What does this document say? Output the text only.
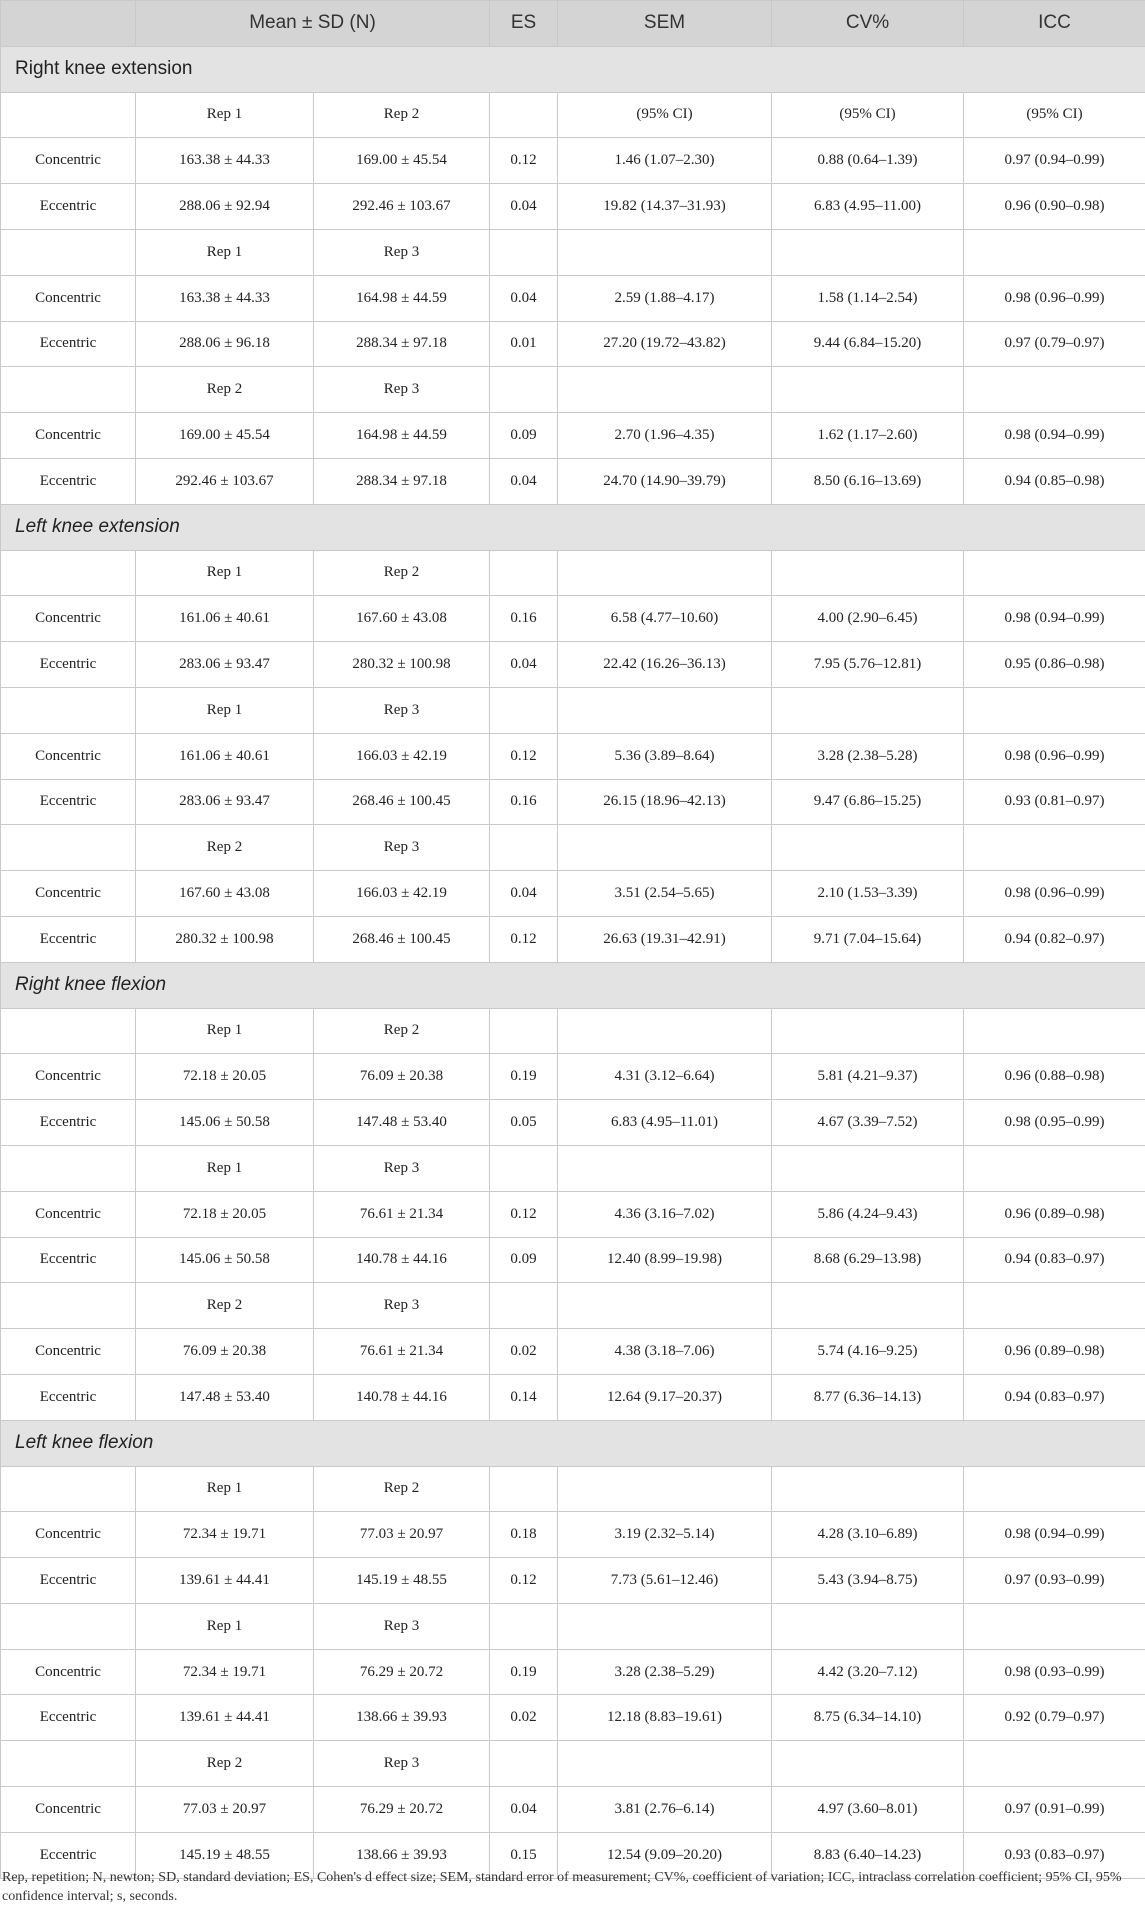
	Mean ± SD (N)		ES	SEM	CV%	ICC
Right knee extension						
	Rep 1	Rep 2		(95% CI)	(95% CI)	(95% CI)
Concentric	163.38 ± 44.33	169.00 ± 45.54	0.12	1.46 (1.07–2.30)	0.88 (0.64–1.39)	0.97 (0.94–0.99)
Eccentric	288.06 ± 92.94	292.46 ± 103.67	0.04	19.82 (14.37–31.93)	6.83 (4.95–11.00)	0.96 (0.90–0.98)
	Rep 1	Rep 3				
Concentric	163.38 ± 44.33	164.98 ± 44.59	0.04	2.59 (1.88–4.17)	1.58 (1.14–2.54)	0.98 (0.96–0.99)
Eccentric	288.06 ± 96.18	288.34 ± 97.18	0.01	27.20 (19.72–43.82)	9.44 (6.84–15.20)	0.97 (0.79–0.97)
	Rep 2	Rep 3				
Concentric	169.00 ± 45.54	164.98 ± 44.59	0.09	2.70 (1.96–4.35)	1.62 (1.17–2.60)	0.98 (0.94–0.99)
Eccentric	292.46 ± 103.67	288.34 ± 97.18	0.04	24.70 (14.90–39.79)	8.50 (6.16–13.69)	0.94 (0.85–0.98)
Left knee extension						
	Rep 1	Rep 2				
Concentric	161.06 ± 40.61	167.60 ± 43.08	0.16	6.58 (4.77–10.60)	4.00 (2.90–6.45)	0.98 (0.94–0.99)
Eccentric	283.06 ± 93.47	280.32 ± 100.98	0.04	22.42 (16.26–36.13)	7.95 (5.76–12.81)	0.95 (0.86–0.98)
	Rep 1	Rep 3				
Concentric	161.06 ± 40.61	166.03 ± 42.19	0.12	5.36 (3.89–8.64)	3.28 (2.38–5.28)	0.98 (0.96–0.99)
Eccentric	283.06 ± 93.47	268.46 ± 100.45	0.16	26.15 (18.96–42.13)	9.47 (6.86–15.25)	0.93 (0.81–0.97)
	Rep 2	Rep 3				
Concentric	167.60 ± 43.08	166.03 ± 42.19	0.04	3.51 (2.54–5.65)	2.10 (1.53–3.39)	0.98 (0.96–0.99)
Eccentric	280.32 ± 100.98	268.46 ± 100.45	0.12	26.63 (19.31–42.91)	9.71 (7.04–15.64)	0.94 (0.82–0.97)
Right knee flexion						
	Rep 1	Rep 2				
Concentric	72.18 ± 20.05	76.09 ± 20.38	0.19	4.31 (3.12–6.64)	5.81 (4.21–9.37)	0.96 (0.88–0.98)
Eccentric	145.06 ± 50.58	147.48 ± 53.40	0.05	6.83 (4.95–11.01)	4.67 (3.39–7.52)	0.98 (0.95–0.99)
	Rep 1	Rep 3				
Concentric	72.18 ± 20.05	76.61 ± 21.34	0.12	4.36 (3.16–7.02)	5.86 (4.24–9.43)	0.96 (0.89–0.98)
Eccentric	145.06 ± 50.58	140.78 ± 44.16	0.09	12.40 (8.99–19.98)	8.68 (6.29–13.98)	0.94 (0.83–0.97)
	Rep 2	Rep 3				
Concentric	76.09 ± 20.38	76.61 ± 21.34	0.02	4.38 (3.18–7.06)	5.74 (4.16–9.25)	0.96 (0.89–0.98)
Eccentric	147.48 ± 53.40	140.78 ± 44.16	0.14	12.64 (9.17–20.37)	8.77 (6.36–14.13)	0.94 (0.83–0.97)
Left knee flexion						
	Rep 1	Rep 2				
Concentric	72.34 ± 19.71	77.03 ± 20.97	0.18	3.19 (2.32–5.14)	4.28 (3.10–6.89)	0.98 (0.94–0.99)
Eccentric	139.61 ± 44.41	145.19 ± 48.55	0.12	7.73 (5.61–12.46)	5.43 (3.94–8.75)	0.97 (0.93–0.99)
	Rep 1	Rep 3				
Concentric	72.34 ± 19.71	76.29 ± 20.72	0.19	3.28 (2.38–5.29)	4.42 (3.20–7.12)	0.98 (0.93–0.99)
Eccentric	139.61 ± 44.41	138.66 ± 39.93	0.02	12.18 (8.83–19.61)	8.75 (6.34–14.10)	0.92 (0.79–0.97)
	Rep 2	Rep 3				
Concentric	77.03 ± 20.97	76.29 ± 20.72	0.04	3.81 (2.76–6.14)	4.97 (3.60–8.01)	0.97 (0.91–0.99)
Eccentric	145.19 ± 48.55	138.66 ± 39.93	0.15	12.54 (9.09–20.20)	8.83 (6.40–14.23)	0.93 (0.83–0.97)
Rep, repetition; N, newton; SD, standard deviation; ES, Cohen's d effect size; SEM, standard error of measurement; CV%, coefficient of variation; ICC, intraclass correlation coefficient; 95% CI, 95% confidence interval; s, seconds.
